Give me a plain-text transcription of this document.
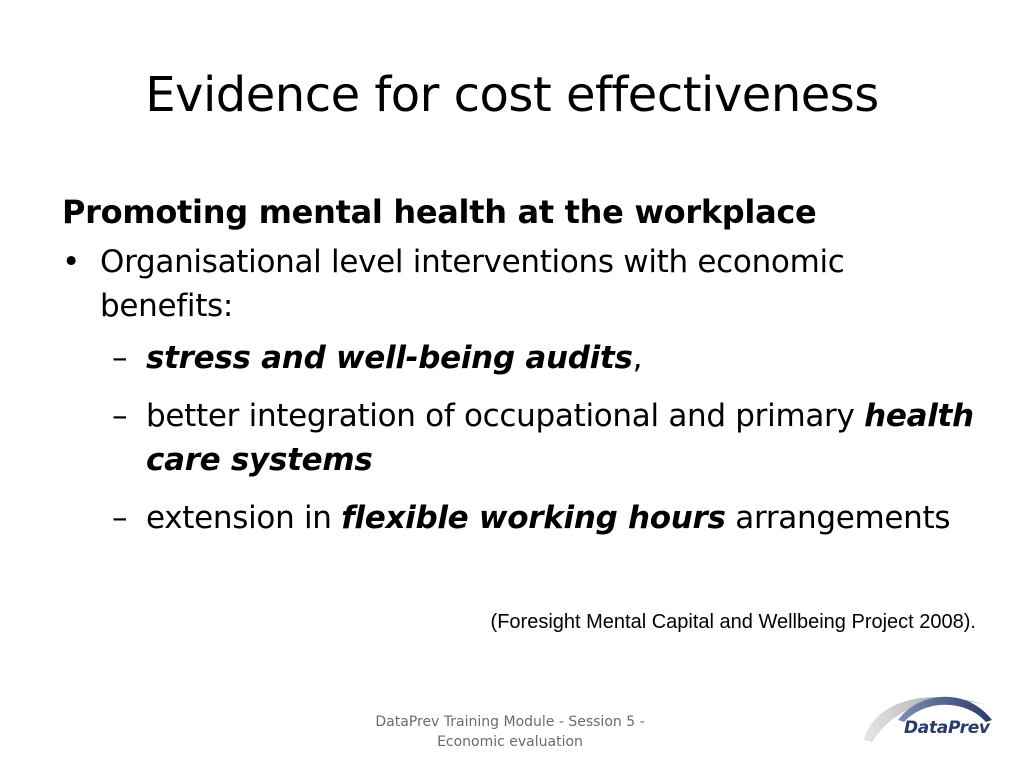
Evidence for cost effectiveness
Promoting mental health at the workplace
• Organisational level interventions with economic benefits:
– stress and well-being audits,
– better integration of occupational and primary health care systems
– extension in flexible working hours arrangements
(Foresight Mental Capital and Wellbeing Project 2008).
DataPrev Training Module - Session 5 -
Economic evaluation
DataPrev
